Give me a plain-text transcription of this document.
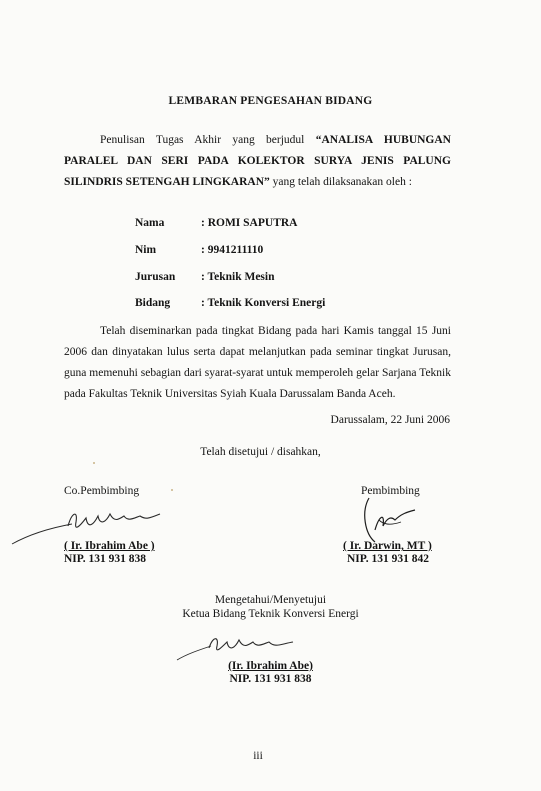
LEMBARAN PENGESAHAN BIDANG
Penulisan Tugas Akhir yang berjudul “ANALISA HUBUNGAN PARALEL DAN SERI PADA KOLEKTOR SURYA JENIS PALUNG SILINDRIS SETENGAH LINGKARAN” yang telah dilaksanakan oleh :
Nama	: ROMI SAPUTRA
Nim	: 9941211110
Jurusan : Teknik Mesin
Bidang	: Teknik Konversi Energi
Telah diseminarkan pada tingkat Bidang pada hari Kamis tanggal 15 Juni 2006 dan dinyatakan lulus serta dapat melanjutkan pada seminar tingkat Jurusan, guna memenuhi sebagian dari syarat-syarat untuk memperoleh gelar Sarjana Teknik pada Fakultas Teknik Universitas Syiah Kuala Darussalam Banda Aceh.
Darussalam, 22 Juni 2006
Telah disetujui / disahkan,
Co.Pembimbing
( Ir. Ibrahim Abe )
NIP. 131 931 838
Pembimbing
( Ir. Darwin, MT )
NIP. 131 931 842
Mengetahui/Menyetujui
Ketua Bidang Teknik Konversi Energi
(Ir. Ibrahim Abe)
NIP. 131 931 838
iii
